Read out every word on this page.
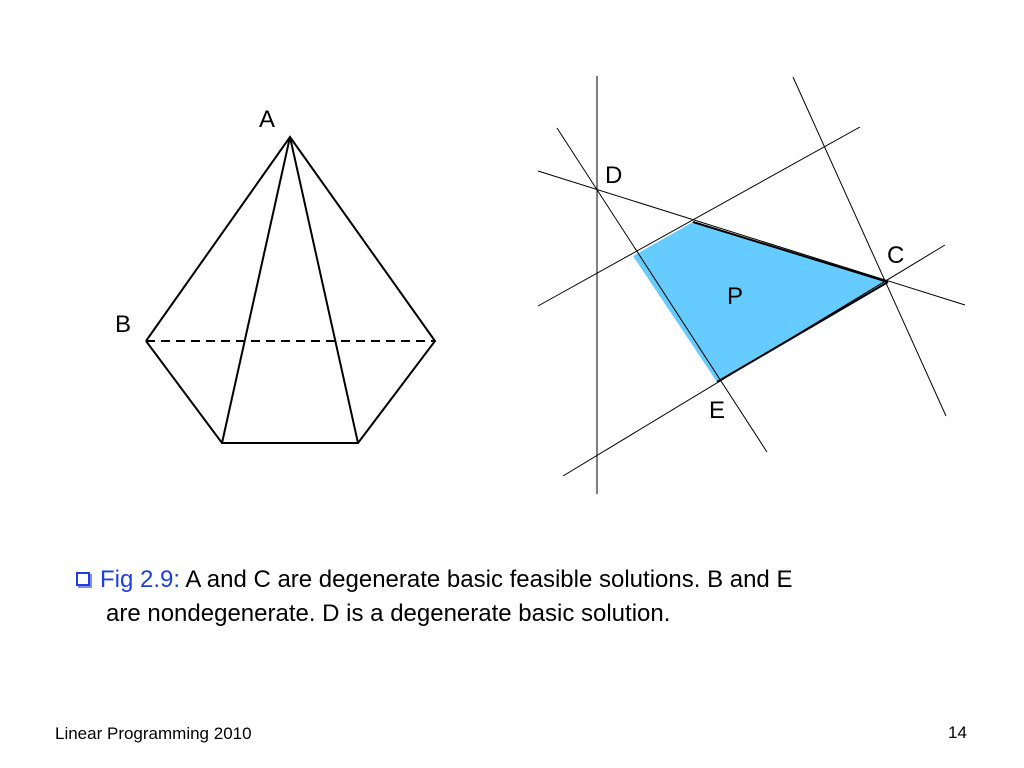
A
B
D
C
P
E
Fig 2.9: A and C are degenerate basic feasible solutions. B and E
are nondegenerate. D is a degenerate basic solution.
Linear Programming 2010	14
